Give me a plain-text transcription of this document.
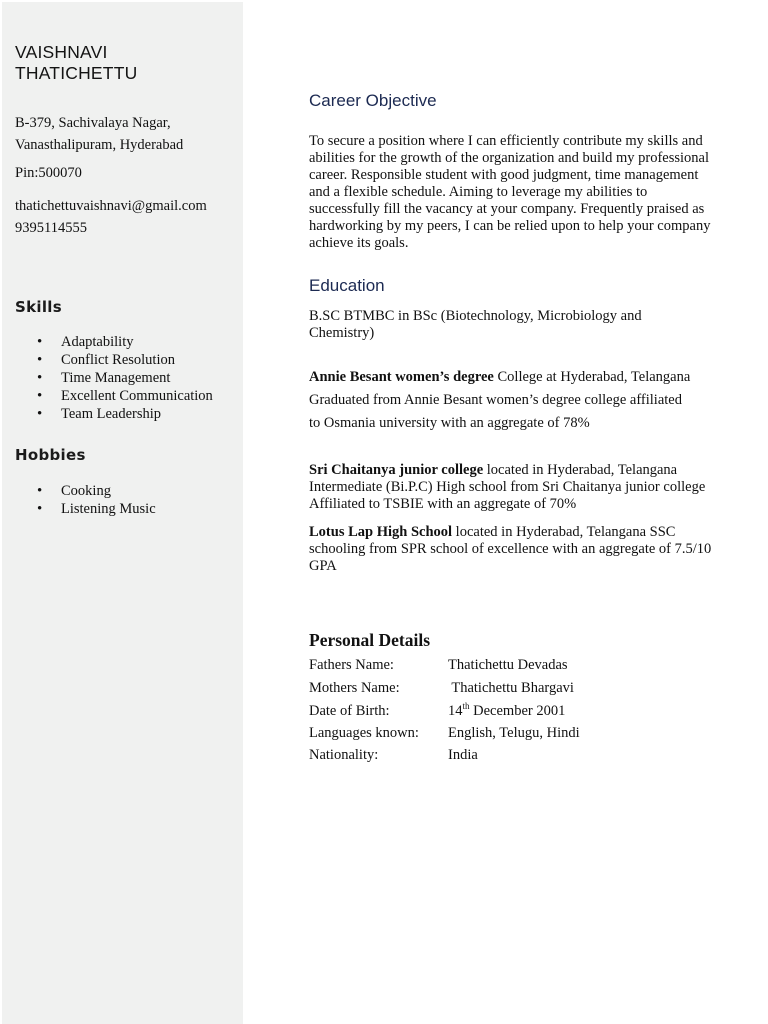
VAISHNAVI
THATICHETTU
B-379, Sachivalaya Nagar,
Vanasthalipuram, Hyderabad
Pin:500070
thatichettuvaishnavi@gmail.com
9395114555
Skills
• Adaptability
• Conflict Resolution
• Time Management
• Excellent Communication
• Team Leadership
Hobbies
• Cooking
• Listening Music
Career Objective
To secure a position where I can efficiently contribute my skills and abilities for the growth of the organization and build my professional career. Responsible student with good judgment, time management and a flexible schedule. Aiming to leverage my abilities to successfully fill the vacancy at your company. Frequently praised as hardworking by my peers, I can be relied upon to help your company achieve its goals.
Education
B.SC BTMBC in BSc (Biotechnology, Microbiology and Chemistry)
Annie Besant women’s degree College at Hyderabad, Telangana
Graduated from Annie Besant women’s degree college affiliated
to Osmania university with an aggregate of 78%
Sri Chaitanya junior college located in Hyderabad, Telangana Intermediate (Bi.P.C) High school from Sri Chaitanya junior college Affiliated to TSBIE with an aggregate of 70%
Lotus Lap High School located in Hyderabad, Telangana SSC schooling from SPR school of excellence with an aggregate of 7.5/10 GPA
Personal Details
Fathers Name:	Thatichettu Devadas
Mothers Name:	Thatichettu Bhargavi
Date of Birth:	14th December 2001
Languages known: English, Telugu, Hindi
Nationality:	India
